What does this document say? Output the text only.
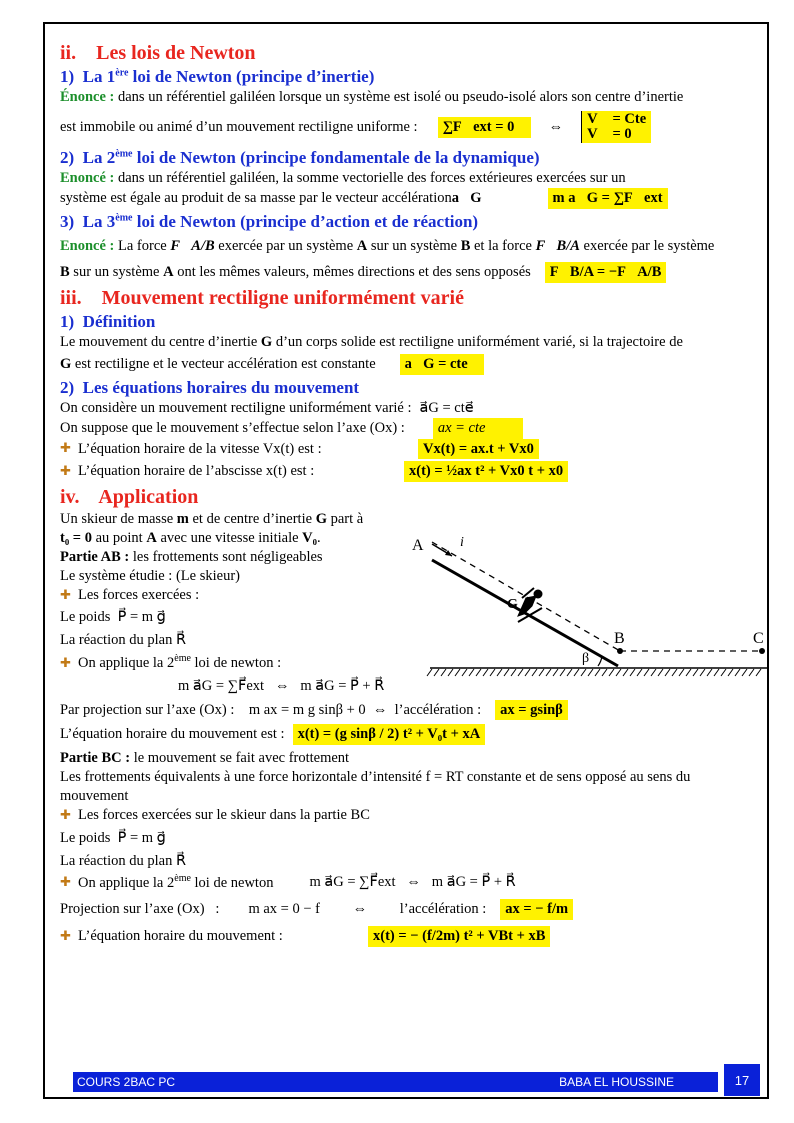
ii.    Les lois de Newton

1)  La 1ère loi de Newton (principe d’inertie)

Énonce : dans un référentiel galiléen lorsque un système est isolé ou pseudo-isolé alors son centre d’inertie

est immobile ou animé d’un mouvement rectiligne uniforme :	∑F⃗ext = 0⃗	⇔ V⃗ = Cte
V⃗ = 0⃗

2)  La 2ème loi de Newton (principe fondamentale de la dynamique)

Enoncé : dans un référentiel galiléen, la somme vectorielle des forces extérieures exercées sur un

système est égale au produit de sa masse par le vecteur accélération a⃗G	m a⃗G = ∑F⃗ext

3)  La 3ème loi de Newton (principe d’action et de réaction)

Enoncé : La force F⃗A/B exercée par un système A sur un système B et la force F⃗B/A exercée par le système

B sur un système A ont les mêmes valeurs, mêmes directions et des sens opposés	F⃗B/A = −F⃗A/B

iii.    Mouvement rectiligne uniformément varié

1)  Définition

Le mouvement du centre d’inertie G d’un corps solide est rectiligne uniformément varié, si la trajectoire de

G est rectiligne et le vecteur accélération est constante	a⃗G = cte⃗

2)  Les équations horaires du mouvement

On considère un mouvement rectiligne uniformément varié : a⃗G = cte⃗
On suppose que le mouvement s’effectue selon l’axe (Ox) :	ax = cte
✚ L’équation horaire de la vitesse Vx(t) est :	Vx(t) = ax.t + Vx0
✚ L’équation horaire de l’abscisse x(t) est :	x(t) = ½ax t² + Vx0 t + x0

iv.    Application

Un skieur de masse m et de centre d’inertie G part à

t₀ = 0 au point A avec une vitesse initiale V₀.

Partie AB : les frottements sont négligeables

Le système étudie : (Le skieur)

✚ Les forces exercées :

Le poids  P⃗ = m g⃗

La réaction du plan R⃗

✚ On applique la 2ème loi de newton :

m a⃗G = ∑F⃗ext   ⇔   m a⃗G = P⃗ + R⃗

Par projection sur l’axe (Ox) :    m ax = m g sinβ + 0  ⇔  l’accélération :	ax = gsinβ
L’équation horaire du mouvement est : x(t) = (g sinβ / 2) t² + V₀t + xA

Partie BC : le mouvement se fait avec frottement

Les frottements équivalents à une force horizontale d’intensité f = RT constante et de sens opposé au sens du

mouvement

✚ Les forces exercées sur le skieur dans la partie BC

Le poids  P⃗ = m g⃗

La réaction du plan R⃗

✚ On applique la 2ème loi de newton m a⃗G = ∑F⃗ext   ⇔   m a⃗G = P⃗ + R⃗
Projection sur l’axe (Ox)   :        m ax = 0 − f         ⇔         l’accélération :	ax = − f/m
✚ L’équation horaire du mouvement :	x(t) = − (f/2m) t² + VBt + xB
A	i⃗
B	C
G
β
COURS 2BAC PC	BABA EL HOUSSINE	17
